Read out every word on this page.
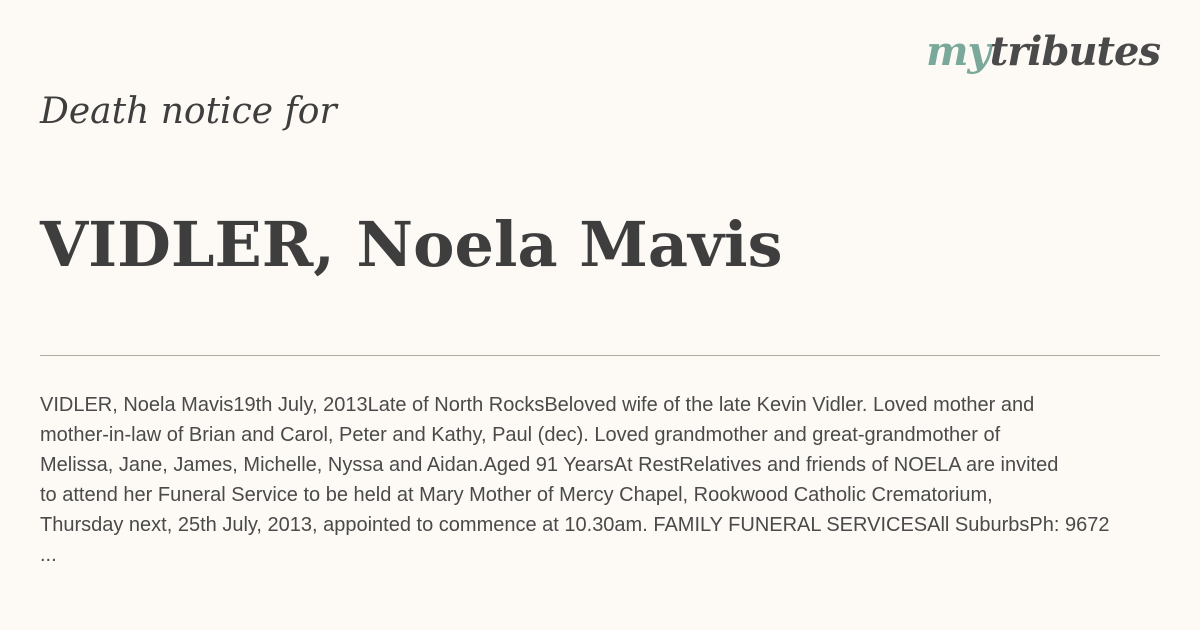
mytributes
Death notice for
VIDLER, Noela Mavis
VIDLER, Noela Mavis19th July, 2013Late of North RocksBeloved wife of the late Kevin Vidler. Loved mother and
mother-in-law of Brian and Carol, Peter and Kathy, Paul (dec). Loved grandmother and great-grandmother of
Melissa, Jane, James, Michelle, Nyssa and Aidan.Aged 91 YearsAt RestRelatives and friends of NOELA are invited
to attend her Funeral Service to be held at Mary Mother of Mercy Chapel, Rookwood Catholic Crematorium,
Thursday next, 25th July, 2013, appointed to commence at 10.30am. FAMILY FUNERAL SERVICESAll SuburbsPh: 9672
...
